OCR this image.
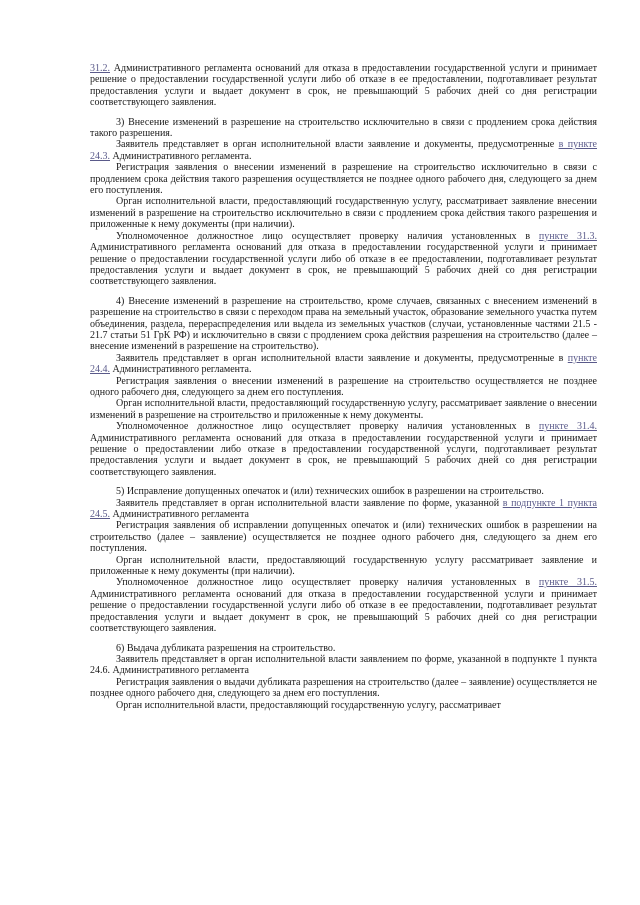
31.2. Административного регламента оснований для отказа в предоставлении государственной услуги и принимает решение о предоставлении государственной услуги либо об отказе в ее предоставлении, подготавливает результат предоставления услуги и выдает документ в срок, не превышающий 5 рабочих дней со дня регистрации соответствующего заявления.

3) Внесение изменений в разрешение на строительство исключительно в связи с продлением срока действия такого разрешения.

Заявитель представляет в орган исполнительной власти заявление и документы, предусмотренные в пункте 24.3. Административного регламента.

Регистрация заявления о внесении изменений в разрешение на строительство исключительно в связи с продлением срока действия такого разрешения осуществляется не позднее одного рабочего дня, следующего за днем его поступления.

Орган исполнительной власти, предоставляющий государственную услугу, рассматривает заявление внесении изменений в разрешение на строительство исключительно в связи с продлением срока действия такого разрешения и приложенные к нему документы (при наличии).

Уполномоченное должностное лицо осуществляет проверку наличия установленных в пункте 31.3. Административного регламента оснований для отказа в предоставлении государственной услуги и принимает решение о предоставлении государственной услуги либо об отказе в ее предоставлении, подготавливает результат предоставления услуги и выдает документ в срок, не превышающий 5 рабочих дней со дня регистрации соответствующего заявления.

4) Внесение изменений в разрешение на строительство, кроме случаев, связанных с внесением изменений в разрешение на строительство в связи с переходом права на земельный участок, образование земельного участка путем объединения, раздела, перераспределения или выдела из земельных участков (случаи, установленные частями 21.5 - 21.7 статьи 51 ГрК РФ) и исключительно в связи с продлением срока действия разрешения на строительство (далее – внесение изменений в разрешение на строительство).

Заявитель представляет в орган исполнительной власти заявление и документы, предусмотренные в пункте 24.4. Административного регламента.

Регистрация заявления о внесении изменений в разрешение на строительство осуществляется не позднее одного рабочего дня, следующего за днем его поступления.

Орган исполнительной власти, предоставляющий государственную услугу, рассматривает заявление о внесении изменений в разрешение на строительство и приложенные к нему документы.

Уполномоченное должностное лицо осуществляет проверку наличия установленных в пункте 31.4. Административного регламента оснований для отказа в предоставлении государственной услуги и принимает решение о предоставлении либо отказе в предоставлении государственной услуги, подготавливает результат предоставления услуги и выдает документ в срок, не превышающий 5 рабочих дней со дня регистрации соответствующего заявления.

5) Исправление допущенных опечаток и (или) технических ошибок в разрешении на строительство.

Заявитель представляет в орган исполнительной власти заявление по форме, указанной в подпункте 1 пункта 24.5. Административного регламента

Регистрация заявления об исправлении допущенных опечаток и (или) технических ошибок в разрешении на строительство (далее – заявление) осуществляется не позднее одного рабочего дня, следующего за днем его поступления.

Орган исполнительной власти, предоставляющий государственную услугу рассматривает заявление и приложенные к нему документы (при наличии).

Уполномоченное должностное лицо осуществляет проверку наличия установленных в пункте 31.5. Административного регламента оснований для отказа в предоставлении государственной услуги и принимает решение о предоставлении государственной услуги либо об отказе в ее предоставлении, подготавливает результат предоставления услуги и выдает документ в срок, не превышающий 5 рабочих дней со дня регистрации соответствующего заявления.

6) Выдача дубликата разрешения на строительство.

Заявитель представляет в орган исполнительной власти заявлением по форме, указанной в подпункте 1 пункта 24.6. Административного регламента

Регистрация заявления о выдачи дубликата разрешения на строительство (далее – заявление) осуществляется не позднее одного рабочего дня, следующего за днем его поступления.

Орган исполнительной власти, предоставляющий государственную услугу, рассматривает
